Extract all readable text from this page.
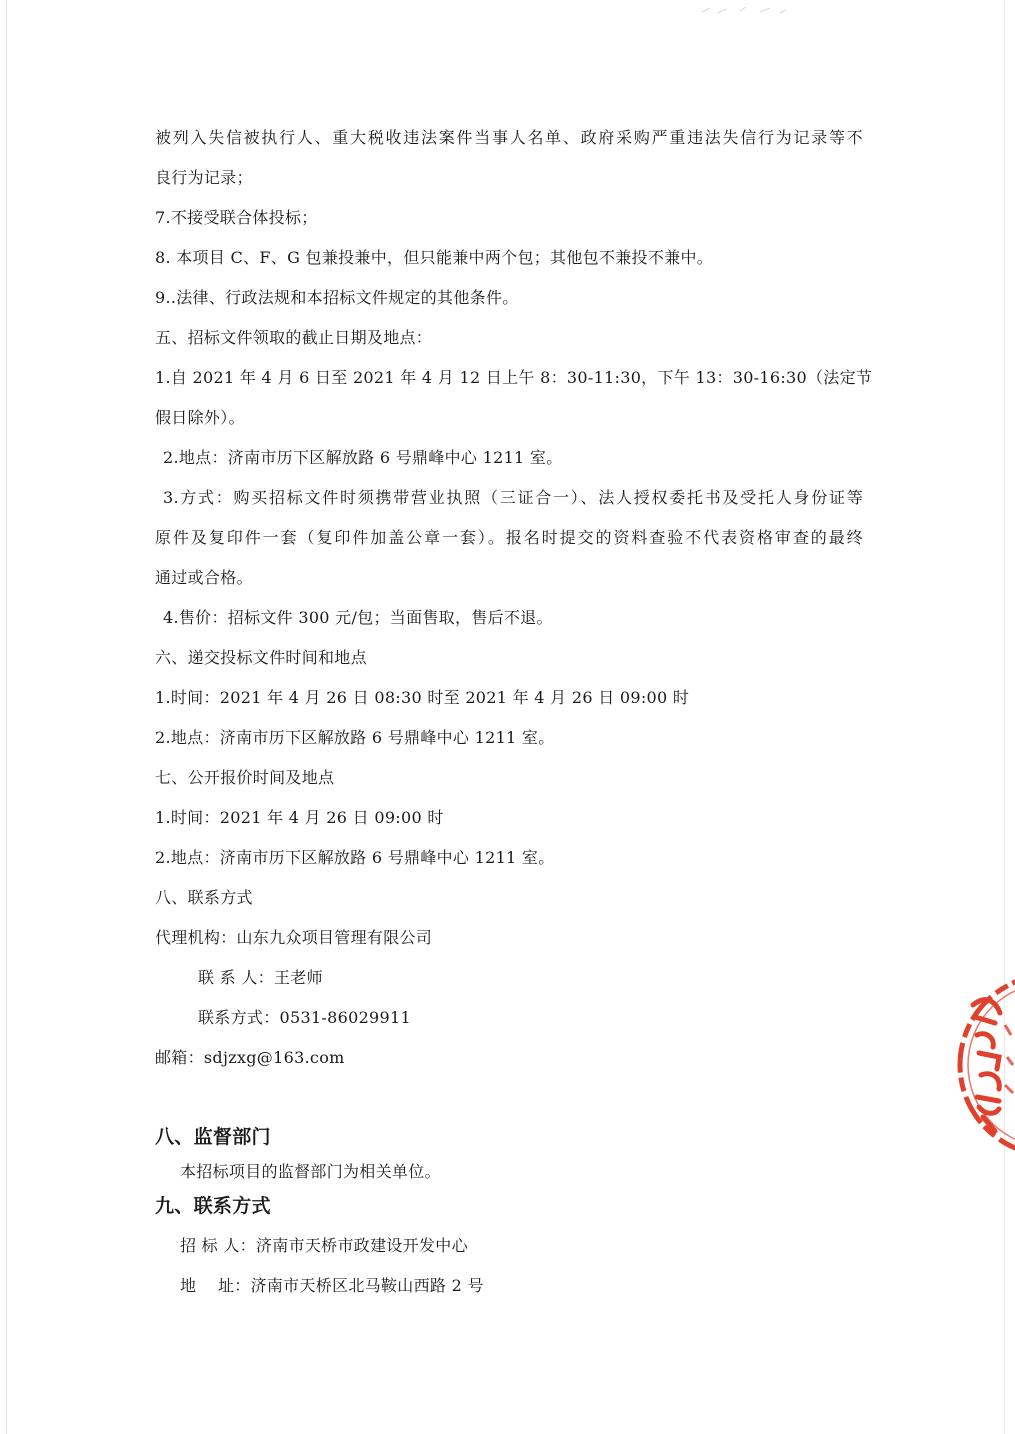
被列入失信被执行人、重大税收违法案件当事人名单、政府采购严重违法失信行为记录等不
良行为记录；
7.不接受联合体投标；
8. 本项目 C、F、G 包兼投兼中，但只能兼中两个包；其他包不兼投不兼中。
9..法律、行政法规和本招标文件规定的其他条件。
五、招标文件领取的截止日期及地点：
1.自 2021 年 4 月 6 日至 2021 年 4 月 12 日上午 8：30-11:30，下午 13：30-16:30（法定节
假日除外）。
2.地点：济南市历下区解放路 6 号鼎峰中心 1211 室。
3.方式：购买招标文件时须携带营业执照（三证合一）、法人授权委托书及受托人身份证等
原件及复印件一套（复印件加盖公章一套）。报名时提交的资料查验不代表资格审查的最终
通过或合格。
4.售价：招标文件 300 元/包；当面售取，售后不退。
六、递交投标文件时间和地点
1.时间：2021 年 4 月 26 日 08:30 时至 2021 年 4 月 26 日 09:00 时
2.地点：济南市历下区解放路 6 号鼎峰中心 1211 室。
七、公开报价时间及地点
1.时间：2021 年 4 月 26 日 09:00 时
2.地点：济南市历下区解放路 6 号鼎峰中心 1211 室。
八、联系方式
代理机构：山东九众项目管理有限公司
联 系 人：王老师
联系方式：0531-86029911
邮箱：sdjzxg@163.com
八、监督部门
本招标项目的监督部门为相关单位。
九、联系方式
招 标 人：济南市天桥市政建设开发中心
地　 址：济南市天桥区北马鞍山西路 2 号
